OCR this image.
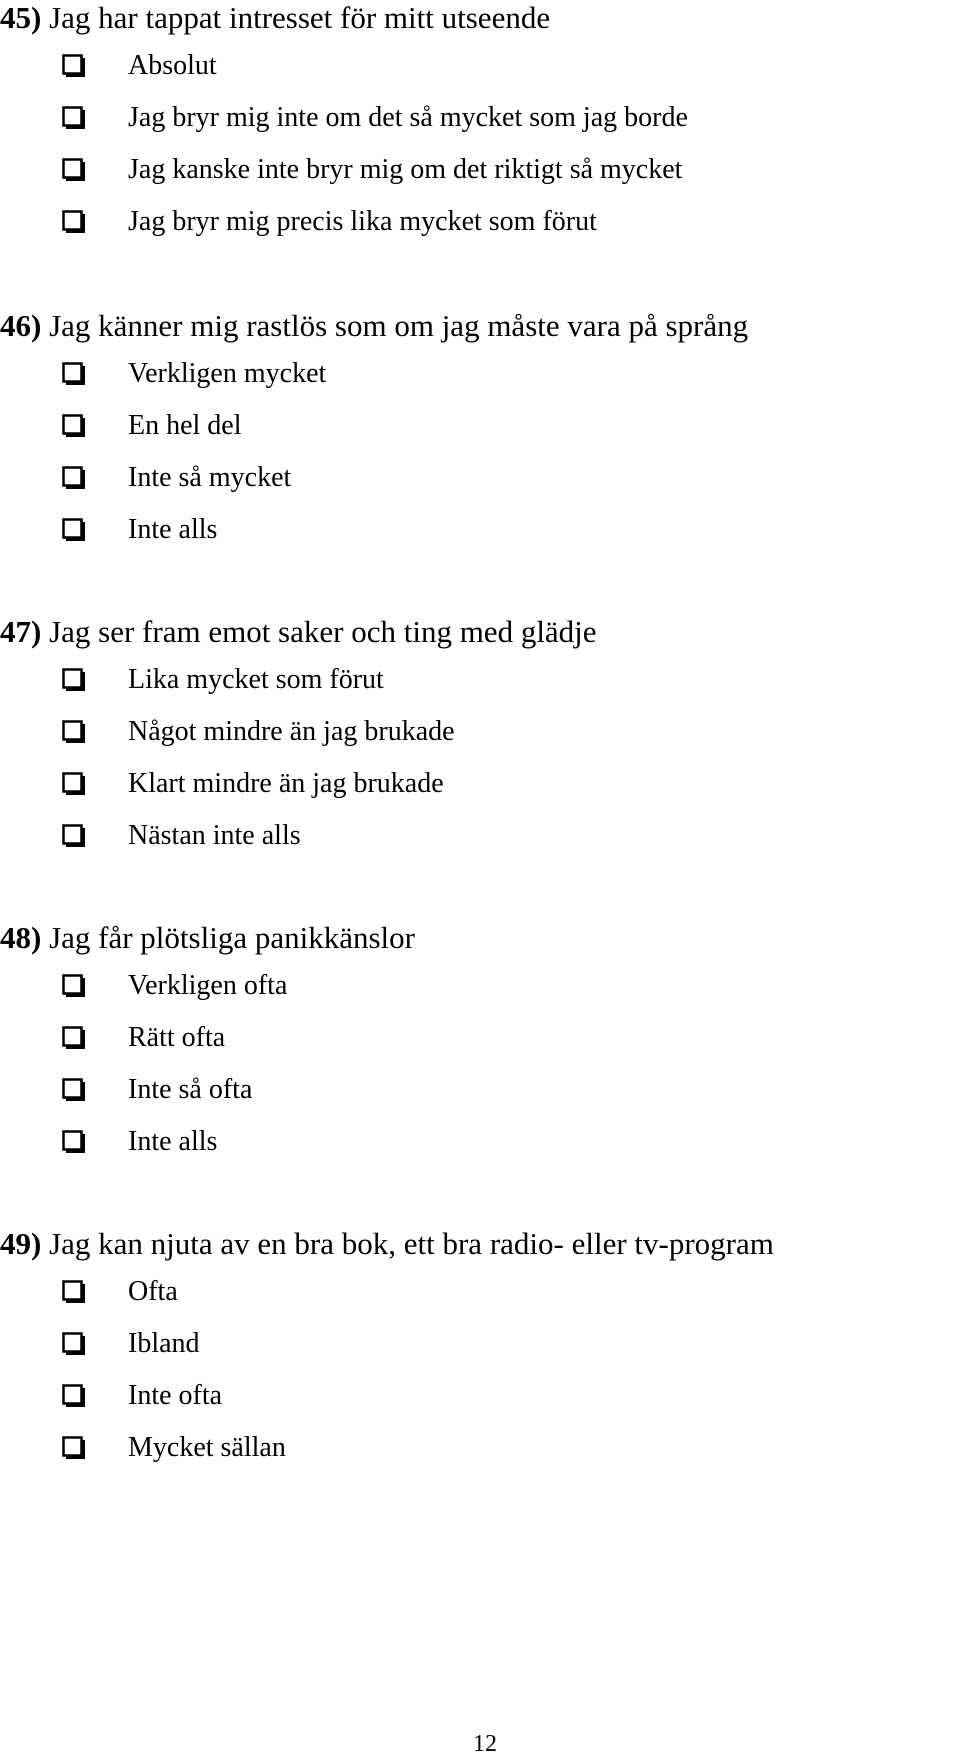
45) Jag har tappat intresset för mitt utseende
Absolut
Jag bryr mig inte om det så mycket som jag borde
Jag kanske inte bryr mig om det riktigt så mycket
Jag bryr mig precis lika mycket som förut
46) Jag känner mig rastlös som om jag måste vara på språng
Verkligen mycket
En hel del
Inte så mycket
Inte alls
47) Jag ser fram emot saker och ting med glädje
Lika mycket som förut
Något mindre än jag brukade
Klart mindre än jag brukade
Nästan inte alls
48) Jag får plötsliga panikkänslor
Verkligen ofta
Rätt ofta
Inte så ofta
Inte alls
49) Jag kan njuta av en bra bok, ett bra radio- eller tv-program
Ofta
Ibland
Inte ofta
Mycket sällan
12
